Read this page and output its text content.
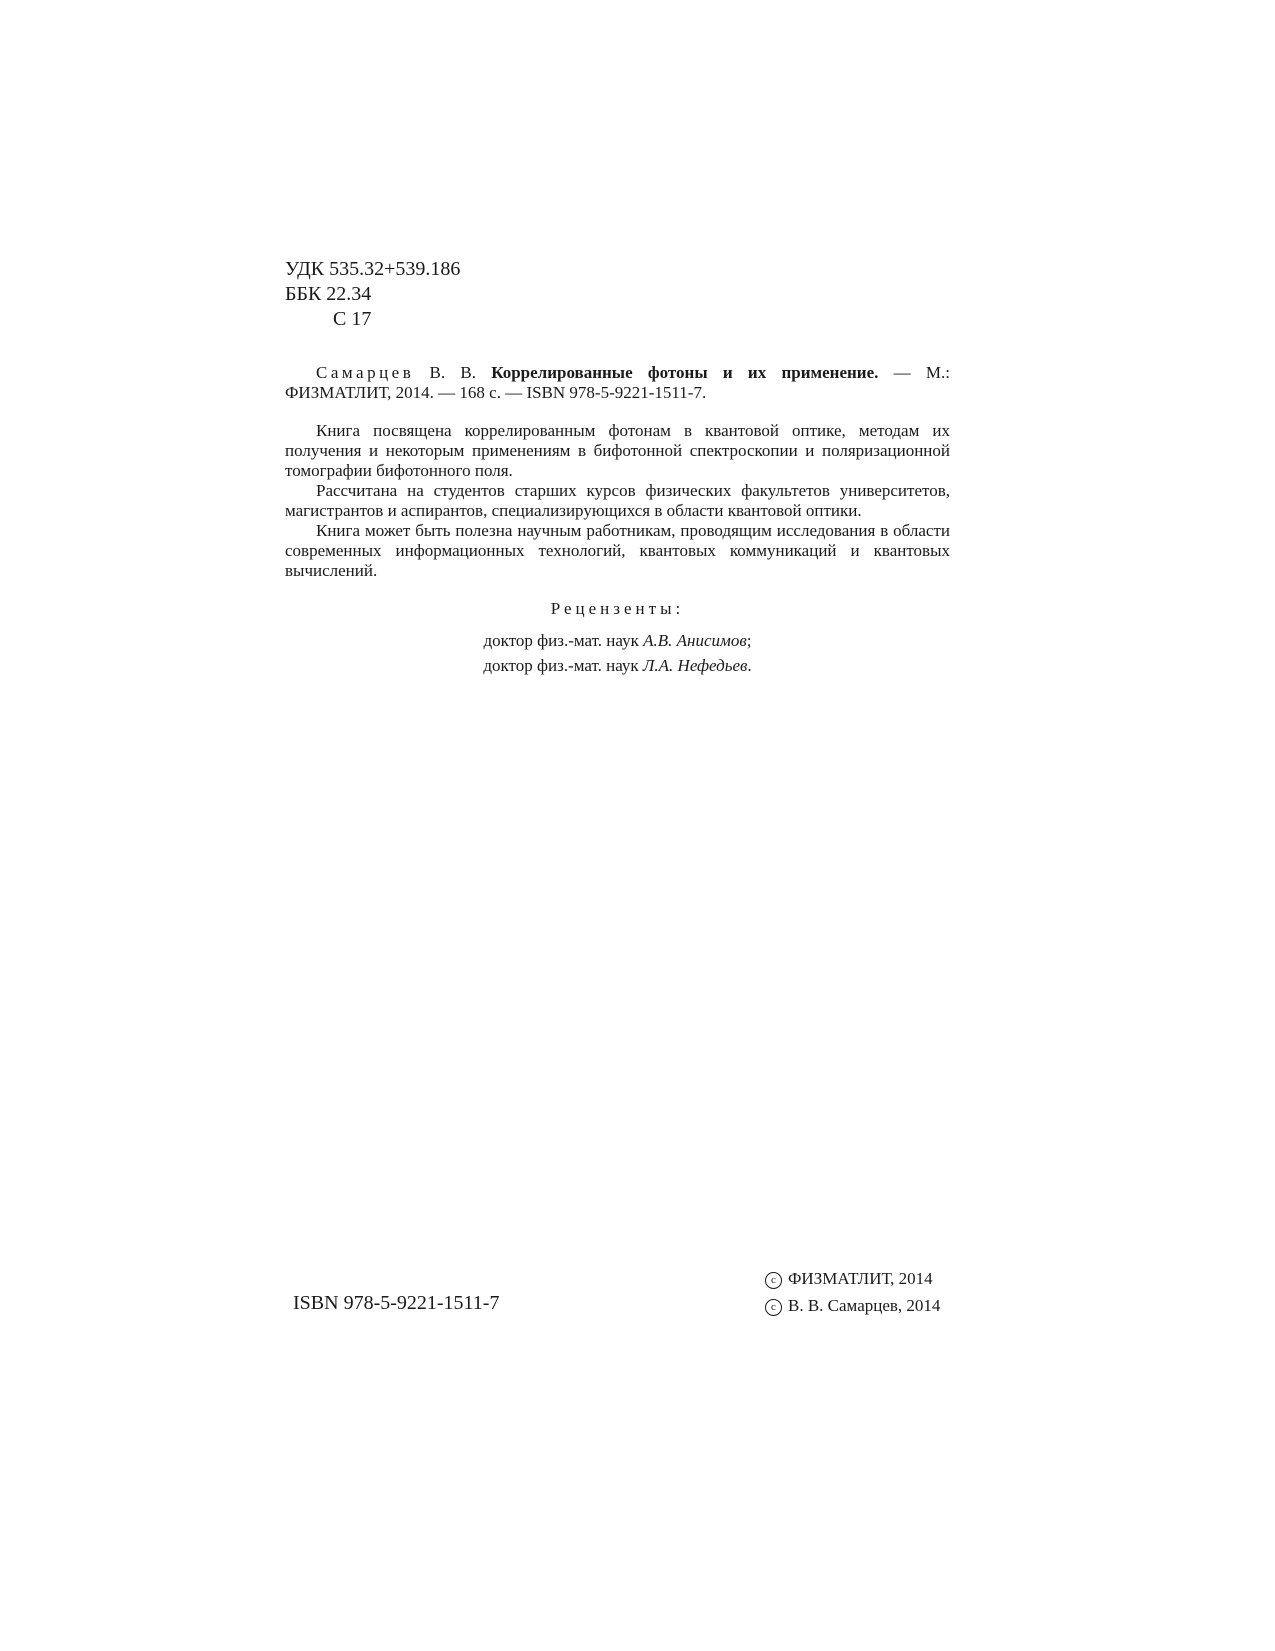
УДК 535.32+539.186
ББК 22.34
С 17

Самарцев В. В. Коррелированные фотоны и их применение. — М.: ФИЗМАТЛИТ, 2014. — 168 с. — ISBN 978-5-9221-1511-7.

Книга посвящена коррелированным фотонам в квантовой оптике, методам их получения и некоторым применениям в бифотонной спектроскопии и поляризационной томографии бифотонного поля.

Рассчитана на студентов старших курсов физических факультетов университетов, магистрантов и аспирантов, специализирующихся в области квантовой оптики.

Книга может быть полезна научным работникам, проводящим исследования в области современных информационных технологий, квантовых коммуникаций и квантовых вычислений.

Рецензенты:
доктор физ.-мат. наук А.В. Анисимов;
доктор физ.-мат. наук Л.А. Нефедьев.
ISBN 978-5-9221-1511-7
c ФИЗМАТЛИТ, 2014
c В. В. Самарцев, 2014
